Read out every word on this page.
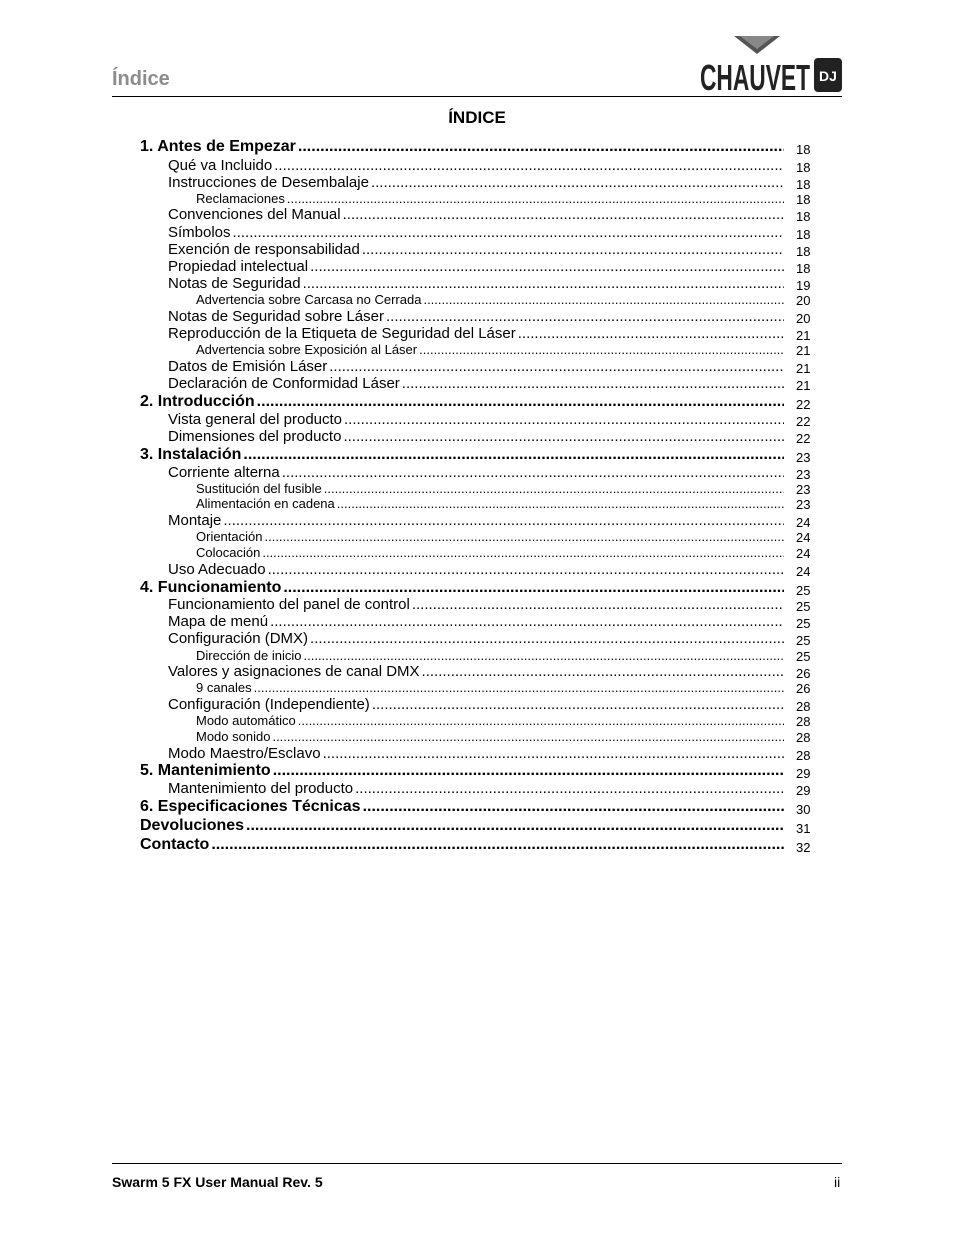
Índice	CHAUVET DJ
ÍNDICE
1. Antes de Empezar .....	18
Qué va Incluido .....	18
Instrucciones de Desembalaje .....	18
Reclamaciones .....	18
Convenciones del Manual .....	18
Símbolos .....	18
Exención de responsabilidad .....	18
Propiedad intelectual .....	18
Notas de Seguridad .....	19
Advertencia sobre Carcasa no Cerrada .....	20
Notas de Seguridad sobre Láser .....	20
Reproducción de la Etiqueta de Seguridad del Láser .....	21
Advertencia sobre Exposición al Láser .....	21
Datos de Emisión Láser .....	21
Declaración de Conformidad Láser .....	21
2. Introducción .....	22
Vista general del producto .....	22
Dimensiones del producto .....	22
3. Instalación .....	23
Corriente alterna .....	23
Sustitución del fusible .....	23
Alimentación en cadena .....	23
Montaje .....	24
Orientación .....	24
Colocación .....	24
Uso Adecuado .....	24
4. Funcionamiento .....	25
Funcionamiento del panel de control .....	25
Mapa de menú .....	25
Configuración (DMX) .....	25
Dirección de inicio .....	25
Valores y asignaciones de canal DMX .....	26
9 canales .....	26
Configuración (Independiente) .....	28
Modo automático .....	28
Modo sonido .....	28
Modo Maestro/Esclavo .....	28
5. Mantenimiento .....	29
Mantenimiento del producto .....	29
6. Especificaciones Técnicas .....	30
Devoluciones .....	31
Contacto .....	32
Swarm 5 FX User Manual Rev. 5	ii
